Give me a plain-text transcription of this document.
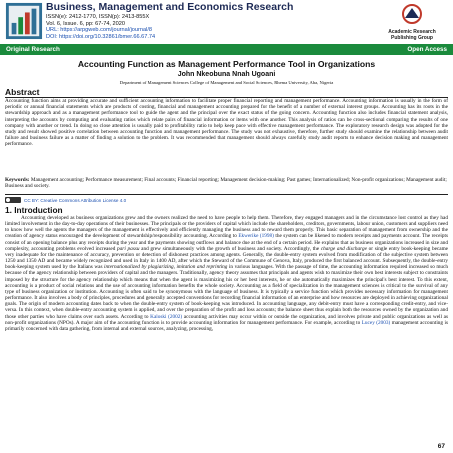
Business, Management and Economics Research
ISSN(e): 2412-1770, ISSN(p): 2413-855X
Vol. 6, Issue. 6, pp: 67-74, 2020
URL: https://arpgweb.com/journal/journal/8
DOI: https://doi.org/10.32861/bmer.66.67.74
Academic Research Publishing Group
Original Research	Open Access
Accounting Function as Management Performance Tool in Organizations
John Nkeobuna Nnah Ugoani
Department of Management Sciences College of Management and Social Sciences, Rhema University, Aba, Nigeria
Abstract

Accounting function aims at providing accurate and sufficient accounting information to facilitate proper financial reporting and management performance. Accounting information is usually in the form of periodic or annual financial statements which are products of costing, financial and management accounting prepared for the benefit of a number of external interest groups. Accounting has its roots in the stewardship approach and as a management performance tool to guide the agent and the principal over the exact status of the going concern. Accounting function also includes financial statement analysis, interpreting the accounts by computing and evaluating ratios which relate pairs of financial information or items with one another. This analysis of ratios can be cross-sectional comparing the results of one company with another or trend. In doing so close attention is usually paid to profitability ratio to help keep pace with effective management performance. The exploratory research design was adopted for the study and result showed positive correlation between accounting function and management performance. The study was not exhaustive, therefore, further study should examine the relationship between audit failure and business failure as a matter of finding a solution to the problem. It was recommended that management should always carefully study audit reports to enhance decision making and management performance.

Keywords: Management accounting; Performance measurement; Final accounts; Financial reporting; Management decision-making; Past games; Internationalized; Non-profit organizations; Management audit; Business and society.
CC BY: Creative Commons Attribution License 4.0
1. Introduction

Accounting developed as business organizations grew and the owners realized the need to have people to help them. Therefore, they engaged managers and in the circumstance lost control as they had limited involvement in the day-to-day operations of their businesses. The principals or the providers of capital which include the shareholders, creditors, governments, labour union, customers and suppliers need to know how well the agents the managers of the management is effectively and efficiently managing the business and to reward them properly. This basic separation of management from ownership and the creation of agency status encouraged the development of stewardship/responsibility accounting. According to Ekwerike (1998) the system can be likened to modern receipts and payments account. The receipts consist of an opening balance plus any receipts during the year and the payments showing outflows and balance due at the end of a certain period. He explains that as business organizations increased in size and complexity, accounting problems evolved increased pari passu and grew simultaneously with the growth of business and society. Accordingly, the charge and discharge or single entry book-keeping became very inadequate for the maintenance of accuracy, prevention or detection of dishonest practices among agents. Generally, the double-entry system evolved from modification of the subjective system between 1250 and 1350 AD and became widely recognized and used in Italy in 1400 AD, after which the Steward of the Commune of Genova, Italy, produced the first balanced account. Subsequently, the double-entry book-keeping system used by the Italians was internationalized by plagiarizing, imitation and reprinting in various languages. With the passage of time, the accounting information required increased so much because of the agency relationship between providers of capital and the managers. Traditionally, agency theory assumes that principals and agents wish to maximize their own best interests subject to constraints imposed by the structure for the agency relationship which means that when the agent is maximizing his or her best interests, he or she automatically maximizes the principal's best interest. To this extent, accounting is a product of social relations and the use of accounting information benefits the whole society. Accounting as a field of specialization in the management sciences is critical to the survival of any type of business organization or institution. Accounting is often said to be synonymous with the language of business. It is typically a service function which provides necessary information for management performance. It also involves a body of principles, procedures and generally accepted conventions for recording financial information of an enterprise and how resources are deployed in achieving organizational goals. The origin of modern accounting dates back to when the double-entry system of book-keeping was introduced. In accounting language, any debit-entry must have a corresponding credit-entry, and vice-versa. In this context, when double-entry accounting system is applied, and over the preparation of the profit and loss accounts; the balance sheet thus explain both the resources owned by the organization and those other parties who have claims over such assets. According to Kaloski (2002) accounting activities may occur within or outside the organization, and involves private and public organizations as well as non-profit organizations (NPOs). A major aim of the accounting function is to provide accounting information for management performance. For example, according to Lucey (2003) management accounting is primarily concerned with data gathering, from internal and external sources, analyzing, processing,

67
